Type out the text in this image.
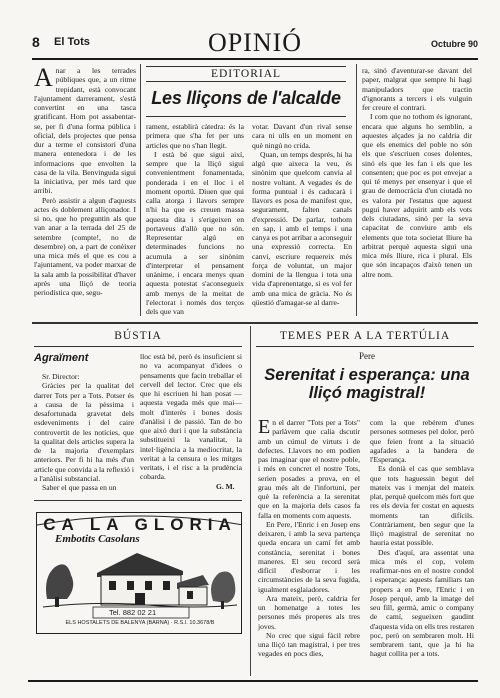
8 El Tots	OPINIÓ	Octubre 90
EDITORIAL
Les lliçons de l'alcalde
A nar a les terrades públiques que, a un ritme trepidant, està convocant l'ajuntament darrerament, s'està convertint en una tasca gratificant. Hom pot assabentar-se, per fi d'una forma pública i oficial, dels projectes que pensa dur a terme el consistori d'una manera entenedora i de les informacions que envolten la casa de la vila. Benvinguda sigui la iniciativa, per més tard que arribi.

Però assistir a algun d'aquests actes és doblement alliçonador. I si no, que ho preguntin als que van anar a la terrada del 25 de setembre (compte!, no de desembre) on, a part de conèixer una mica més el que es cou a l'ajuntament, va poder marxar de la sala amb la possibilitat d'haver après una lliçó de teoria periodística que, segu-

rament, establirà càtedra: és la primera que s'ha fet per uns articles que no s'han llegit.

I està bé que sigui així, sempre que la lliçó sigui convenientment fonamentada, ponderada i en el lloc i el moment oportú. Diuen que qui calla atorga i llavors sempre n'hi ha que es creuen massa aquesta dita i s'erigeixen en portaveus d'allò que no són. Representar algú en determinades funcions no acumula a ser sinònim d'interpretar el pensament unànime, i encara menys quan aquesta potestat s'aconsegueix amb menys de la meitat de l'electorat i només dos terços dels que van

votar. Davant d'un rival sense cara ni ulls en un moment en què ningú no crida.

Quan, un temps després, hi ha algú que aixeca la veu, és sinònim que quelcom canvia al nostre voltant. A vegades és de forma puntual i és caducarà i llavors es posa de manifest que, segurament, falten canals d'expressió. De parlar, tothom en sap, i amb el temps i una canya es pot arribar a aconseguir una expressió correcta. En canvi, escriure requereix més força de voluntat, un major domini de la llengua i tota una vida d'aprenentatge, si es vol fer amb una mica de gràcia. No és qüestió d'amagar-se al darre-

ra, sinó d'aventurar-se davant del paper, malgrat que sempre hi hagi manipuladors que tractin d'ignorants a tercers i els vulguin fer creure el contrari.

I com que no tothom és ignorant, encara que alguns ho semblin, a aquestes alçades ja no caldria dir que els enemics del poble no són els que s'escriuen coses dolentes, sinó els que les fan i els que les consenten; que poc es pot envejar a qui té menys per ensenyar i que el grau de democràcia d'un ciutadà no es valora per l'estatus que aquest pugui haver adquirit amb els vots dels ciutadans, sinó per la seva capacitat de conviure amb els elements que tota societat lliure ha arbitrat perquè aquesta sigui una mica més lliure, rica i plural. Els que són incapaços d'això tenen un altre nom.

BÚSTIA
Agraïment

Sr. Director:

Gràcies per la qualitat del darrer Tots per a Tots. Potser és a causa de la pèssima i desafortunada gravetat dels esdeveniments i del caire controvertit de les notícies, que la qualitat dels articles supera la de la majoria d'exemplars anteriors. Per fi hi ha més d'un article que convida a la reflexió i a l'anàlisi substancial.

Saber el que passa en un

lloc està bé, però és insuficient si no va acompanyat d'idees o pensaments que facin treballar el cervell del lector. Crec que els que hi escriuen hi han posat — aquesta vegada més que mai— molt d'interès i bones dosis d'anàlisi i de passió. Tan de bo que aixó duri i que la substància substitueixi la vanalitat, la intel·ligència a la mediocritat, la veritat a la censura o les mitges veritats, i el risc a la prudència cobarda.

G. M.
CA LA GLORIA
Embotits Casolans
Tel. 882 02 21
ELS HOSTALETS DE BALENYA (BARNA) · R.S.I. 10.3678/B
TEMES PER A LA TERTÚLIA
Pere
Serenitat i esperança: una lliçó magistral!
E n el darrer "Tots per a Tots" parlàvem que calia dscutir amb un cúmul de virtuts i de defectes. Llavors no em podien pas imaginar que el nostre poble, i més en concret el nostre Tots, serien posades a prova, en el grau més alt de l'infortuni, per què la referència a la serenitat que en la majoria dels casos fa falla en moments com aquests.

En Pere, l'Enric i en Josep ens deixaren, i amb la seva partença queda encara un camí fet amb constància, serenitat i bones maneres. El seu record serà difícil d'esborrar i les circumstàncies de la seva fugida, igualment esglaiadores.

Ara mateix, però, caldria fer un homenatge a totes les persones més properes als tres joves.

No crec que sigui fàcil rebre una lliçó tan magistral, i per tres vegades en pocs dies,

com la que rebérem d'unes persones sotmeses pel dolor, però que feien front a la situació agafades a la bandera de l'Esperança.

Es donià el cas que semblava que tots haguessin begut del mateix vas i menjat del mateix plat, perquè quelcom més fort que res els devia fer costat en aquests moments tan difícils. Contràriament, ben segur que la lliçó magistral de serenitat no hauria estat possible.

Des d'aquí, ara assentat una mica més el cop, volem reafirmar-nos en el nostre condol i esperança: aquests familiars tan propers a en Pere, l'Enric i en Josep perquè, amb la imatge del seu fill, germà, amic o company de camí, segueixen gaudint d'aquesta vida on ells tres restaren poc, però on sembraren molt. Hi sembrarem tant, que ja hi ha hagut collita per a tots.
